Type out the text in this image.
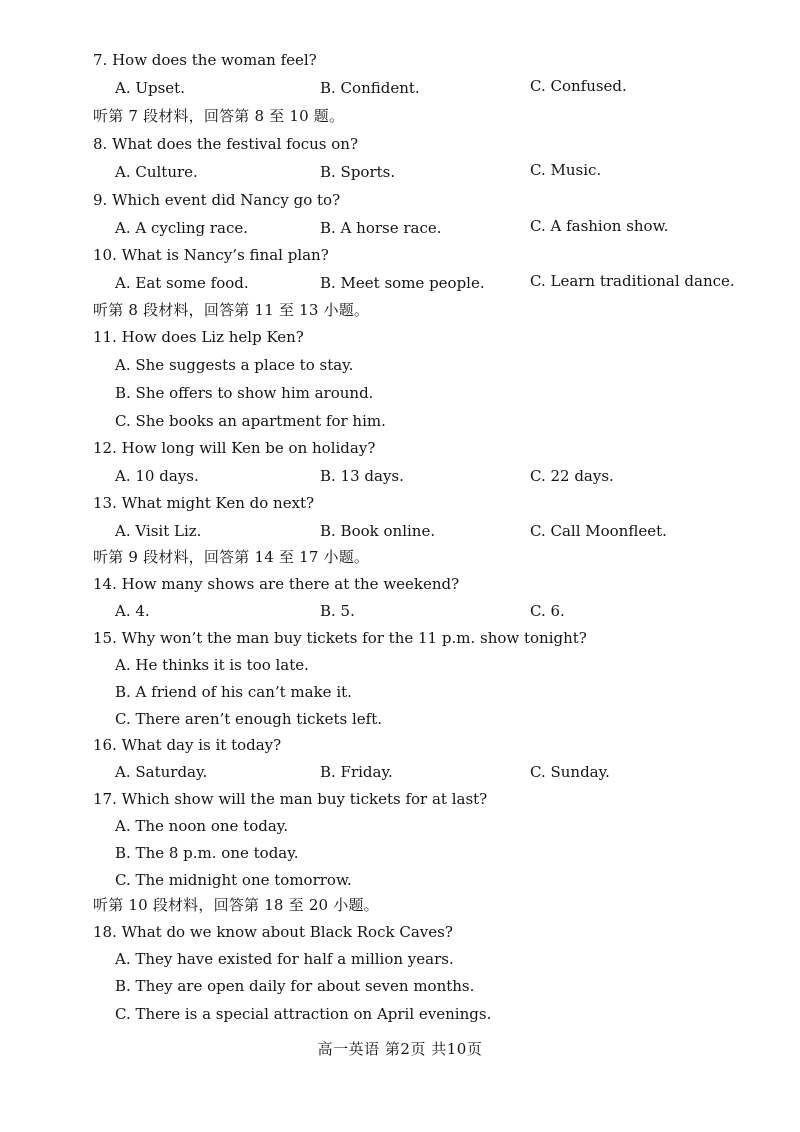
7. How does the woman feel?
A. Upset.	B. Confident.	C. Confused.
听第 7 段材料，回答第 8 至 10 题。
8. What does the festival focus on?
A. Culture.	B. Sports.	C. Music.
9. Which event did Nancy go to?
A. A cycling race.	B. A horse race.	C. A fashion show.
10. What is Nancy’s final plan?
A. Eat some food.	B. Meet some people.	C. Learn traditional dance.
听第 8 段材料，回答第 11 至 13 小题。
11. How does Liz help Ken?
A. She suggests a place to stay.
B. She offers to show him around.
C. She books an apartment for him.
12. How long will Ken be on holiday?
A. 10 days.	B. 13 days.	C. 22 days.
13. What might Ken do next?
A. Visit Liz.	B. Book online.	C. Call Moonfleet.
听第 9 段材料，回答第 14 至 17 小题。
14. How many shows are there at the weekend?
A. 4.	B. 5.	C. 6.
15. Why won’t the man buy tickets for the 11 p.m. show tonight?
A. He thinks it is too late.
B. A friend of his can’t make it.
C. There aren’t enough tickets left.
16. What day is it today?
A. Saturday.	B. Friday.	C. Sunday.
17. Which show will the man buy tickets for at last?
A. The noon one today.
B. The 8 p.m. one today.
C. The midnight one tomorrow.
听第 10 段材料，回答第 18 至 20 小题。
18. What do we know about Black Rock Caves?
A. They have existed for half a million years.
B. They are open daily for about seven months.
C. There is a special attraction on April evenings.
高一英语 第2页 共10页
